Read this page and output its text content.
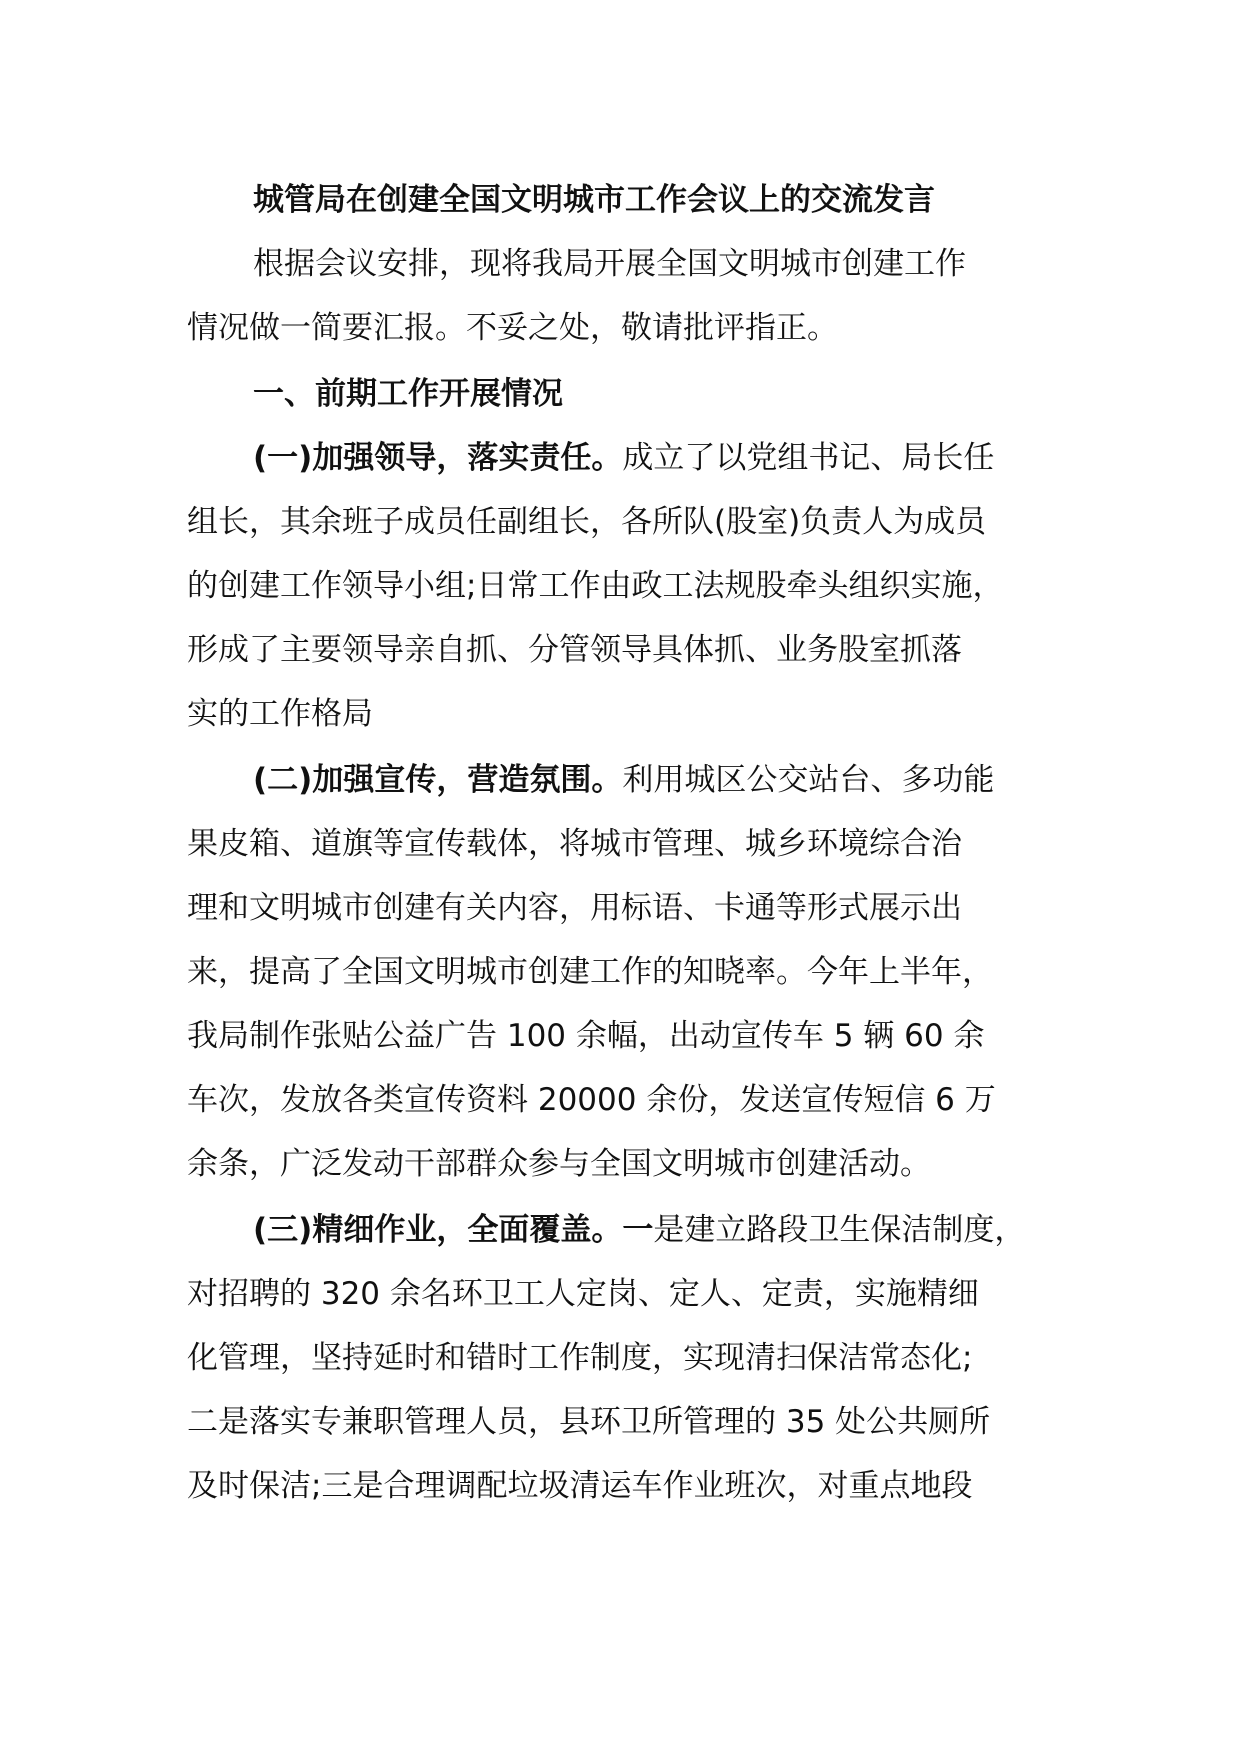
城管局在创建全国文明城市工作会议上的交流发言
根据会议安排，现将我局开展全国文明城市创建工作
情况做一简要汇报。不妥之处，敬请批评指正。
一、前期工作开展情况
(一)加强领导，落实责任。成立了以党组书记、局长任
组长，其余班子成员任副组长，各所队(股室)负责人为成员
的创建工作领导小组;日常工作由政工法规股牵头组织实施，
形成了主要领导亲自抓、分管领导具体抓、业务股室抓落
实的工作格局
(二)加强宣传，营造氛围。利用城区公交站台、多功能
果皮箱、道旗等宣传载体，将城市管理、城乡环境综合治
理和文明城市创建有关内容，用标语、卡通等形式展示出
来，提高了全国文明城市创建工作的知晓率。今年上半年，
我局制作张贴公益广告 100 余幅，出动宣传车 5 辆 60 余
车次，发放各类宣传资料 20000 余份，发送宣传短信 6 万
余条，广泛发动干部群众参与全国文明城市创建活动。
(三)精细作业，全面覆盖。一是建立路段卫生保洁制度，
对招聘的 320 余名环卫工人定岗、定人、定责，实施精细
化管理，坚持延时和错时工作制度，实现清扫保洁常态化;
二是落实专兼职管理人员，县环卫所管理的 35 处公共厕所
及时保洁;三是合理调配垃圾清运车作业班次，对重点地段
